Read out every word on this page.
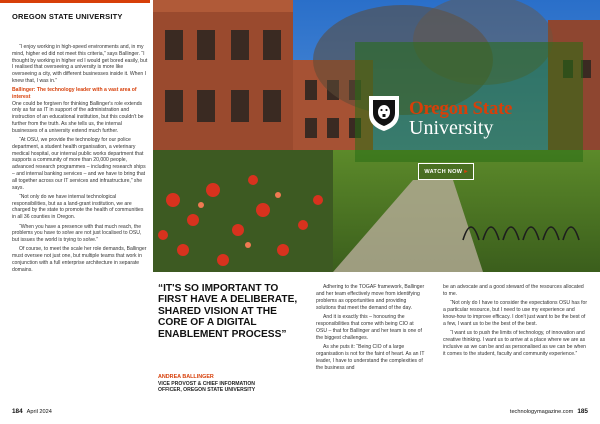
OREGON STATE UNIVERSITY

“I enjoy working in high-speed environments and, in my mind, higher ed did not meet this criteria,” says Ballinger. “I thought by working in higher ed I would get bored easily, but I realised that overseeing a university is more like overseeing a city, with different businesses inside it. When I knew that, I was in.”

Ballinger: The technology leader with a vast area of interest

One could be forgiven for thinking Ballinger's role extends only as far as IT in support of the administration and instruction of an educational institution, but this couldn't be further from the truth. As she tells us, the internal businesses of a university extend much further.

“At OSU, we provide the technology for our police department, a student health organisation, a veterinary medical hospital, our internal public works department that supports a community of more than 20,000 people, advanced research programmes – including research ships – and internal banking services – and we have to bring that all together across our IT services and infrastructure,” she says.

“Not only do we have internal technological responsibilities, but as a land-grant institution, we are charged by the state to promote the health of communities in all 36 counties in Oregon.

“When you have a presence with that much reach, the problems you have to solve are not just localised to OSU, but issues the world is trying to solve.”

Of course, to meet the scale her role demands, Ballinger must oversee not just one, but multiple teams that work in conjunction with a full enterprise architecture in separate domains.

Oregon State
University
WATCH NOW ▸
“IT'S SO IMPORTANT TO FIRST HAVE A DELIBERATE, SHARED VISION AT THE CORE OF A DIGITAL ENABLEMENT PROCESS”
ANDREA BALLINGER
VICE PROVOST & CHIEF INFORMATION OFFICER, OREGON STATE UNIVERSITY

Adhering to the TOGAF framework, Ballinger and her team effectively move from identifying problems as opportunities and providing solutions that meet the demand of the day.

And it is exactly this – honouring the responsibilities that come with being CIO at OSU – that for Ballinger and her team is one of the biggest challenges.

As she puts it: “Being CIO of a large organisation is not for the faint of heart. As an IT leader, I have to understand the complexities of the business and

be an advocate and a good steward of the resources allocated to me.

“Not only do I have to consider the expectations OSU has for a particular resource, but I need to use my experience and know-how to improve efficacy. I don't just want to be the best of a few, I want us to be the best of the best.

“I want us to push the limits of technology, of innovation and creative thinking. I want us to arrive at a place where we are as inclusive as we can be and as personalised as we can be when it comes to the student, faculty and community experience.”

184 April 2024	technologymagazine.com 185
